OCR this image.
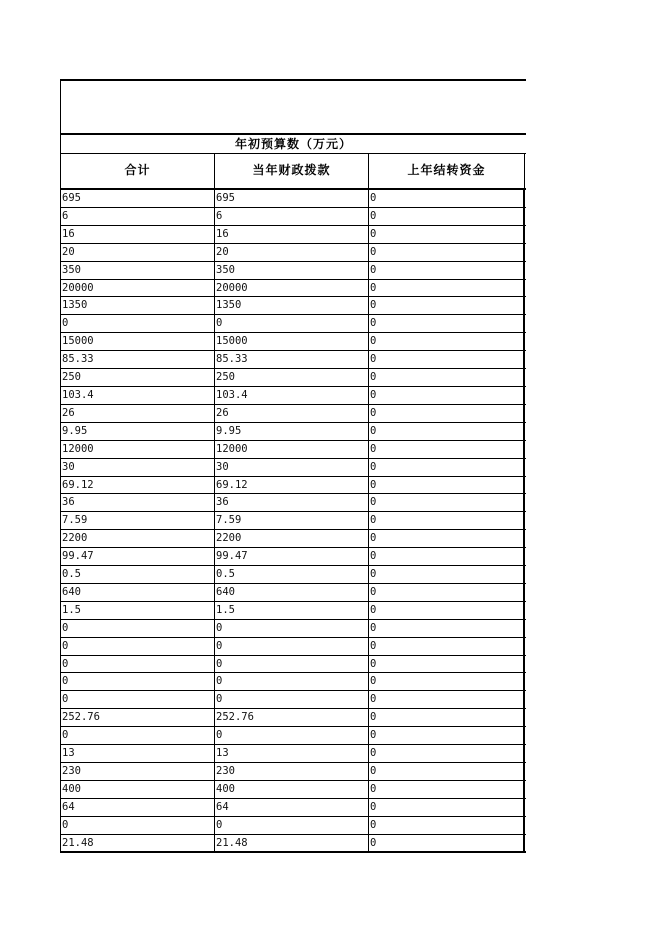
年初预算数（万元）
合计	当年财政拨款	上年结转资金
695	695	0
6	6	0
16	16	0
20	20	0
350	350	0
20000	20000	0
1350	1350	0
0	0	0
15000	15000	0
85.33	85.33	0
250	250	0
103.4	103.4	0
26	26	0
9.95	9.95	0
12000	12000	0
30	30	0
69.12	69.12	0
36	36	0
7.59	7.59	0
2200	2200	0
99.47	99.47	0
0.5	0.5	0
640	640	0
1.5	1.5	0
0	0	0
0	0	0
0	0	0
0	0	0
0	0	0
252.76	252.76	0
0	0	0
13	13	0
230	230	0
400	400	0
64	64	0
0	0	0
21.48	21.48	0
